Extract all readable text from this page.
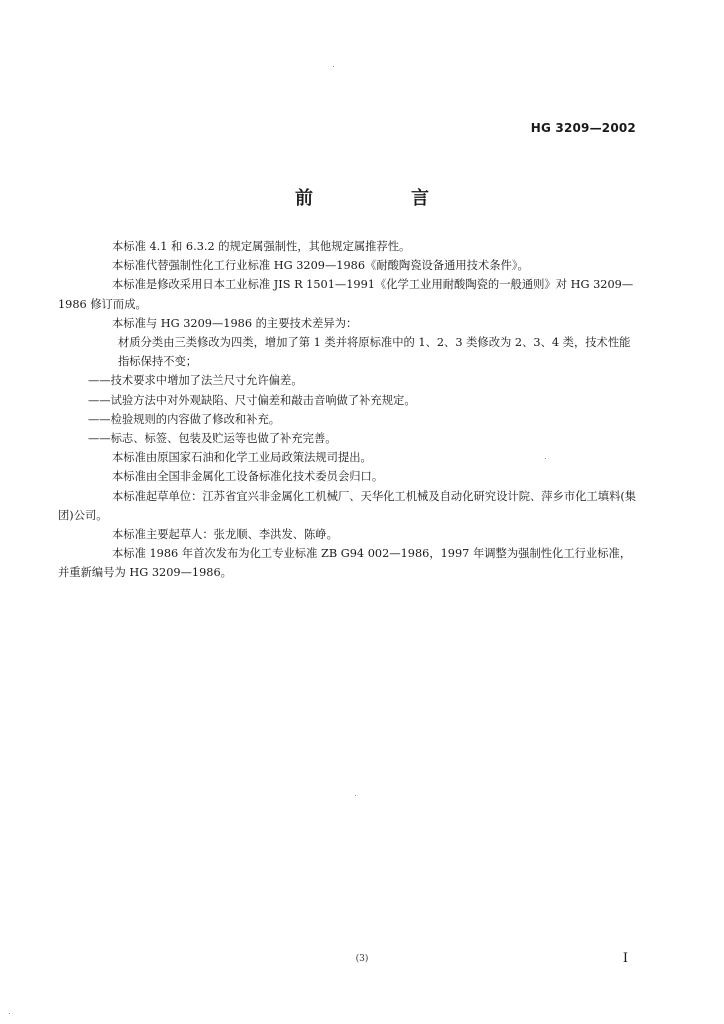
HG 3209—2002
前　言

本标准 4.1 和 6.3.2 的规定属强制性，其他规定属推荐性。

本标准代替强制性化工行业标准 HG 3209—1986《耐酸陶瓷设备通用技术条件》。

本标准是修改采用日本工业标准 JIS R 1501—1991《化学工业用耐酸陶瓷的一般通则》对 HG 3209—1986 修订而成。

本标准与 HG 3209—1986 的主要技术差异为：

材质分类由三类修改为四类，增加了第 1 类并将原标准中的 1、2、3 类修改为 2、3、4 类，技术性能指标保持不变；

——技术要求中增加了法兰尺寸允许偏差。

——试验方法中对外观缺陷、尺寸偏差和敲击音响做了补充规定。

——检验规则的内容做了修改和补充。

——标志、标签、包装及贮运等也做了补充完善。

本标准由原国家石油和化学工业局政策法规司提出。

本标准由全国非金属化工设备标准化技术委员会归口。

本标准起草单位：江苏省宜兴非金属化工机械厂、天华化工机械及自动化研究设计院、萍乡市化工填料(集团)公司。

本标准主要起草人：张龙顺、李洪发、陈峥。

本标准 1986 年首次发布为化工专业标准 ZB G94 002—1986，1997 年调整为强制性化工行业标准，并重新编号为 HG 3209—1986。

(3)	I
